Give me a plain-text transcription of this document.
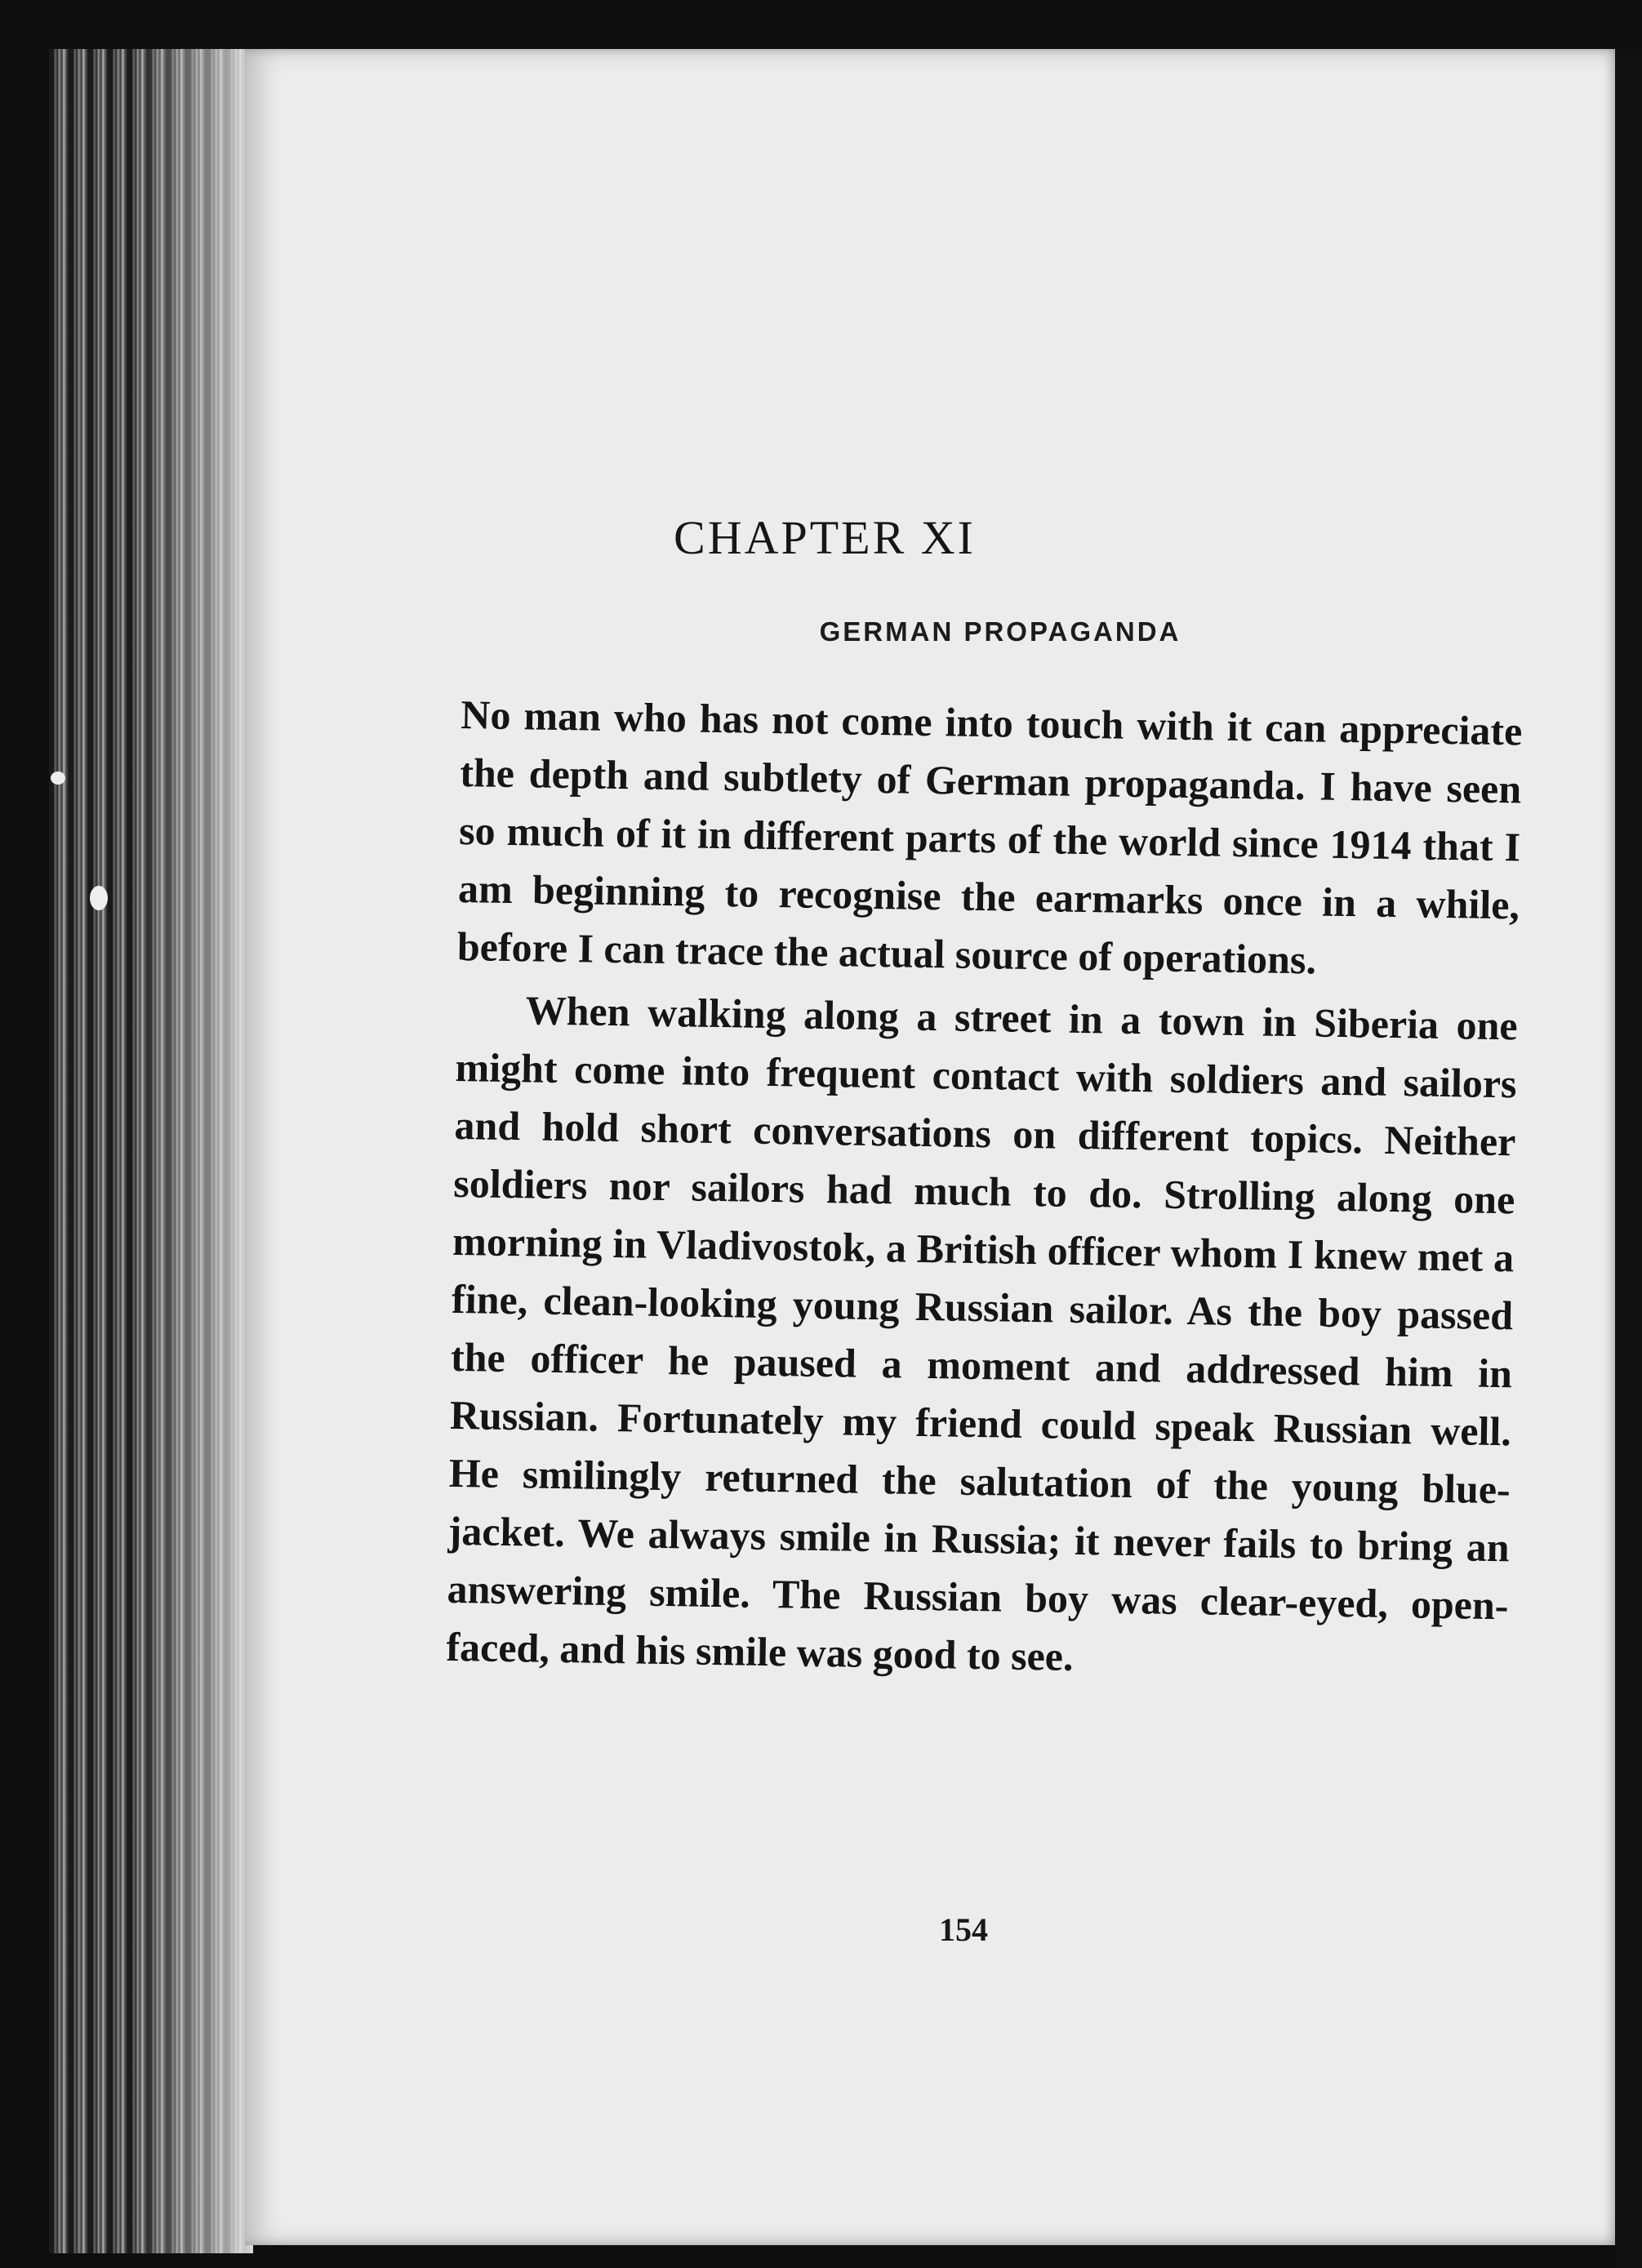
CHAPTER XI
GERMAN PROPAGANDA

No man who has not come into touch with it can appreciate the depth and subtlety of German propaganda. I have seen so much of it in different parts of the world since 1914 that I am beginning to recognise the earmarks once in a while, before I can trace the actual source of operations.

When walking along a street in a town in Siberia one might come into frequent contact with soldiers and sailors and hold short conversations on different topics. Neither soldiers nor sailors had much to do. Strolling along one morning in Vladivostok, a British officer whom I knew met a fine, clean-looking young Russian sailor. As the boy passed the officer he paused a moment and addressed him in Russian. Fortunately my friend could speak Russian well. He smilingly returned the salutation of the young blue-jacket. We always smile in Russia; it never fails to bring an answering smile. The Russian boy was clear-eyed, open-faced, and his smile was good to see.

154
